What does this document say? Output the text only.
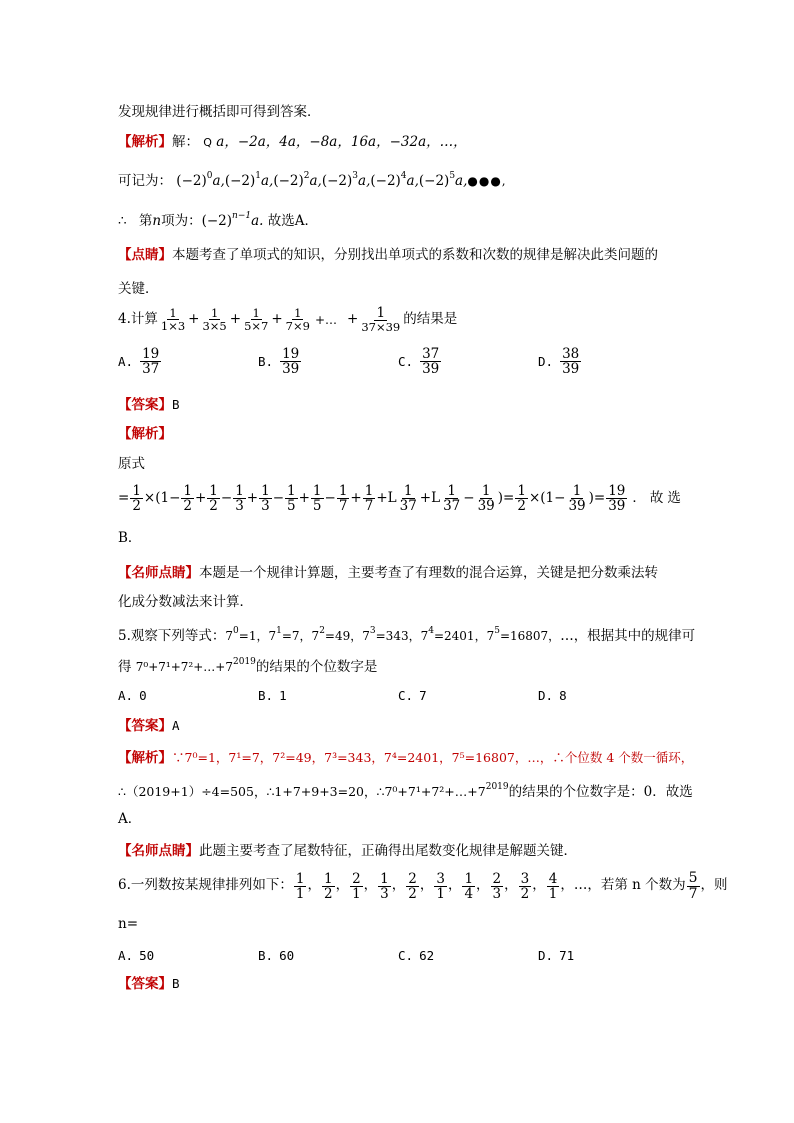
发现规律进行概括即可得到答案．
【解析】解： Q a，−2a，4a，−8a，16a，−32a，…，
可记为： $(-2)^0a,(-2)^1a,(-2)^2a,(-2)^3a,(-2)^4a,(-2)^5a,●●●$,
∴ 第n项为：$(-2)^{n-1}a$. 故选A．
【点睛】本题考查了单项式的知识，分别找出单项式的系数和次数的规律是解决此类问题的
关键．
4.计算 $\frac{1}{1\times 3} + \frac{1}{3\times 5} + \frac{1}{5\times 7} + \frac{1}{7\times 9}$ +… + $\frac{1}{37\times 39}$ 的结果是
A. $\frac{19}{37}$	B. $\frac{19}{39}$	C. $\frac{37}{39}$	D. $\frac{38}{39}$
【答案】B
【解析】
原式
= $\frac{1}{2} \times(1- \frac{1}{2} + \frac{1}{2} - \frac{1}{3} + \frac{1}{3} - \frac{1}{5} + \frac{1}{5} - \frac{1}{7} + \frac{1}{7} +L \frac{1}{37} +L \frac{1}{37} - \frac{1}{39}$ )= $\frac{1}{2} \times(1- \frac{1}{39}$ )= $\frac{19}{39}$ ．故选
B．
【名师点睛】本题是一个规律计算题，主要考查了有理数的混合运算，关键是把分数乘法转
化成分数减法来计算．
5.观察下列等式：$7^0=1$，$7^1=7$，$7^2=49$，$7^3=343$，$7^4=2401$，$7^5=16807$，…，根据其中的规律可
得 $7^0+7^1+7^2+\dots+7^{2019}$的结果的个位数字是
A. 0	B. 1	C. 7	D. 8
【答案】A
【解析】∵7⁰=1，7¹=7，7²=49，7³=343，7⁴=2401，7⁵=16807，…，∴个位数 4 个数一循环，
∴（2019+1）÷4=505，∴1+7+9+3=20，$\therefore 7^0+7^1+7^2+\dots+7^{2019}$的结果的个位数字是：0．故选
A．
【名师点睛】此题主要考查了尾数特征，正确得出尾数变化规律是解题关键．
6.一列数按某规律排列如下： $\frac{1}{1}$ ， $\frac{1}{2}$ ， $\frac{2}{1}$ ， $\frac{1}{3}$ ， $\frac{2}{2}$ ， $\frac{3}{1}$ ， $\frac{1}{4}$ ， $\frac{2}{3}$ ， $\frac{3}{2}$ ， $\frac{4}{1}$ ，…，若第 n 个数为 $\frac{5}{7}$ ，则
n=
A. 50	B. 60	C. 62	D. 71
【答案】B
